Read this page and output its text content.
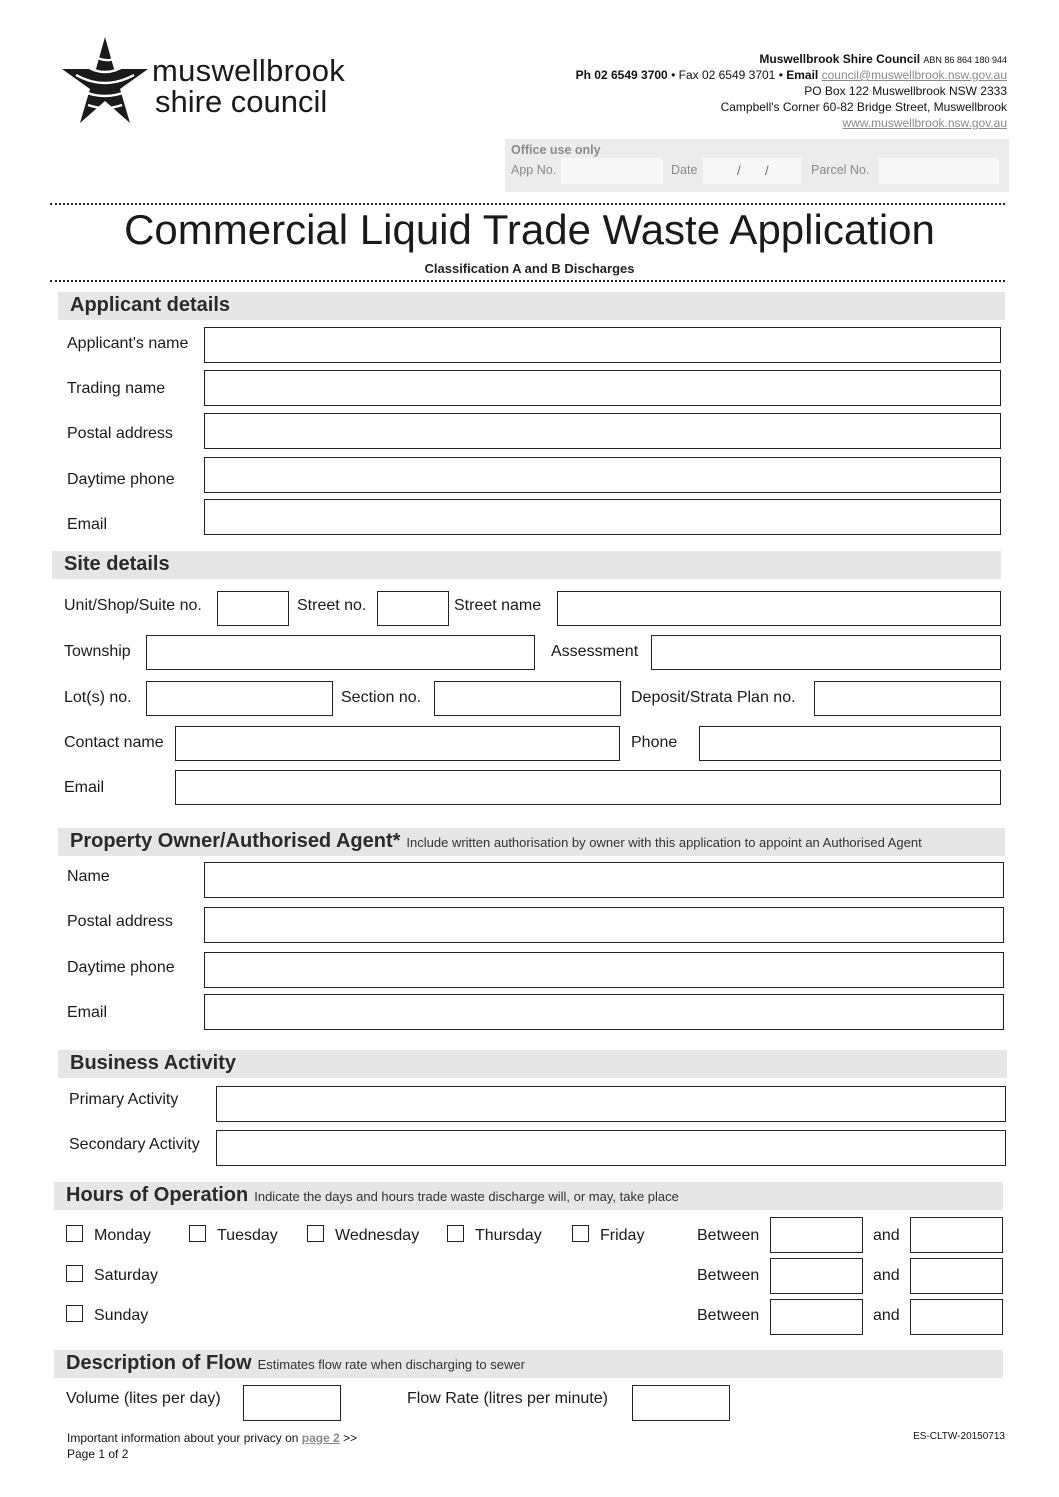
muswellbrook
shire council
Muswellbrook Shire Council ABN 86 864 180 944
Ph 02 6549 3700 • Fax 02 6549 3701 • Email council@muswellbrook.nsw.gov.au
PO Box 122 Muswellbrook NSW 2333
Campbell's Corner 60-82 Bridge Street, Muswellbrook
www.muswellbrook.nsw.gov.au
Office use only
App No.	Date	/ /	Parcel No.
Commercial Liquid Trade Waste Application
Classification A and B Discharges
Applicant details
Applicant's name
Trading name
Postal address
Daytime phone
Email
Site details
Unit/Shop/Suite no.	Street no.	Street name
Township	Assessment
Lot(s) no.	Section no.	Deposit/Strata Plan no.
Contact name	Phone
Email
Property Owner/Authorised Agent* Include written authorisation by owner with this application to appoint an Authorised Agent
Name
Postal address
Daytime phone
Email
Business Activity
Primary Activity
Secondary Activity
Hours of Operation Indicate the days and hours trade waste discharge will, or may, take place
Monday	Tuesday	Wednesday	Thursday	Friday	Between	and
Saturday	Between	and
Sunday	Between	and
Description of Flow Estimates flow rate when discharging to sewer
Volume (lites per day)	Flow Rate (litres per minute)
Important information about your privacy on page 2 >>
Page 1 of 2
ES-CLTW-20150713
